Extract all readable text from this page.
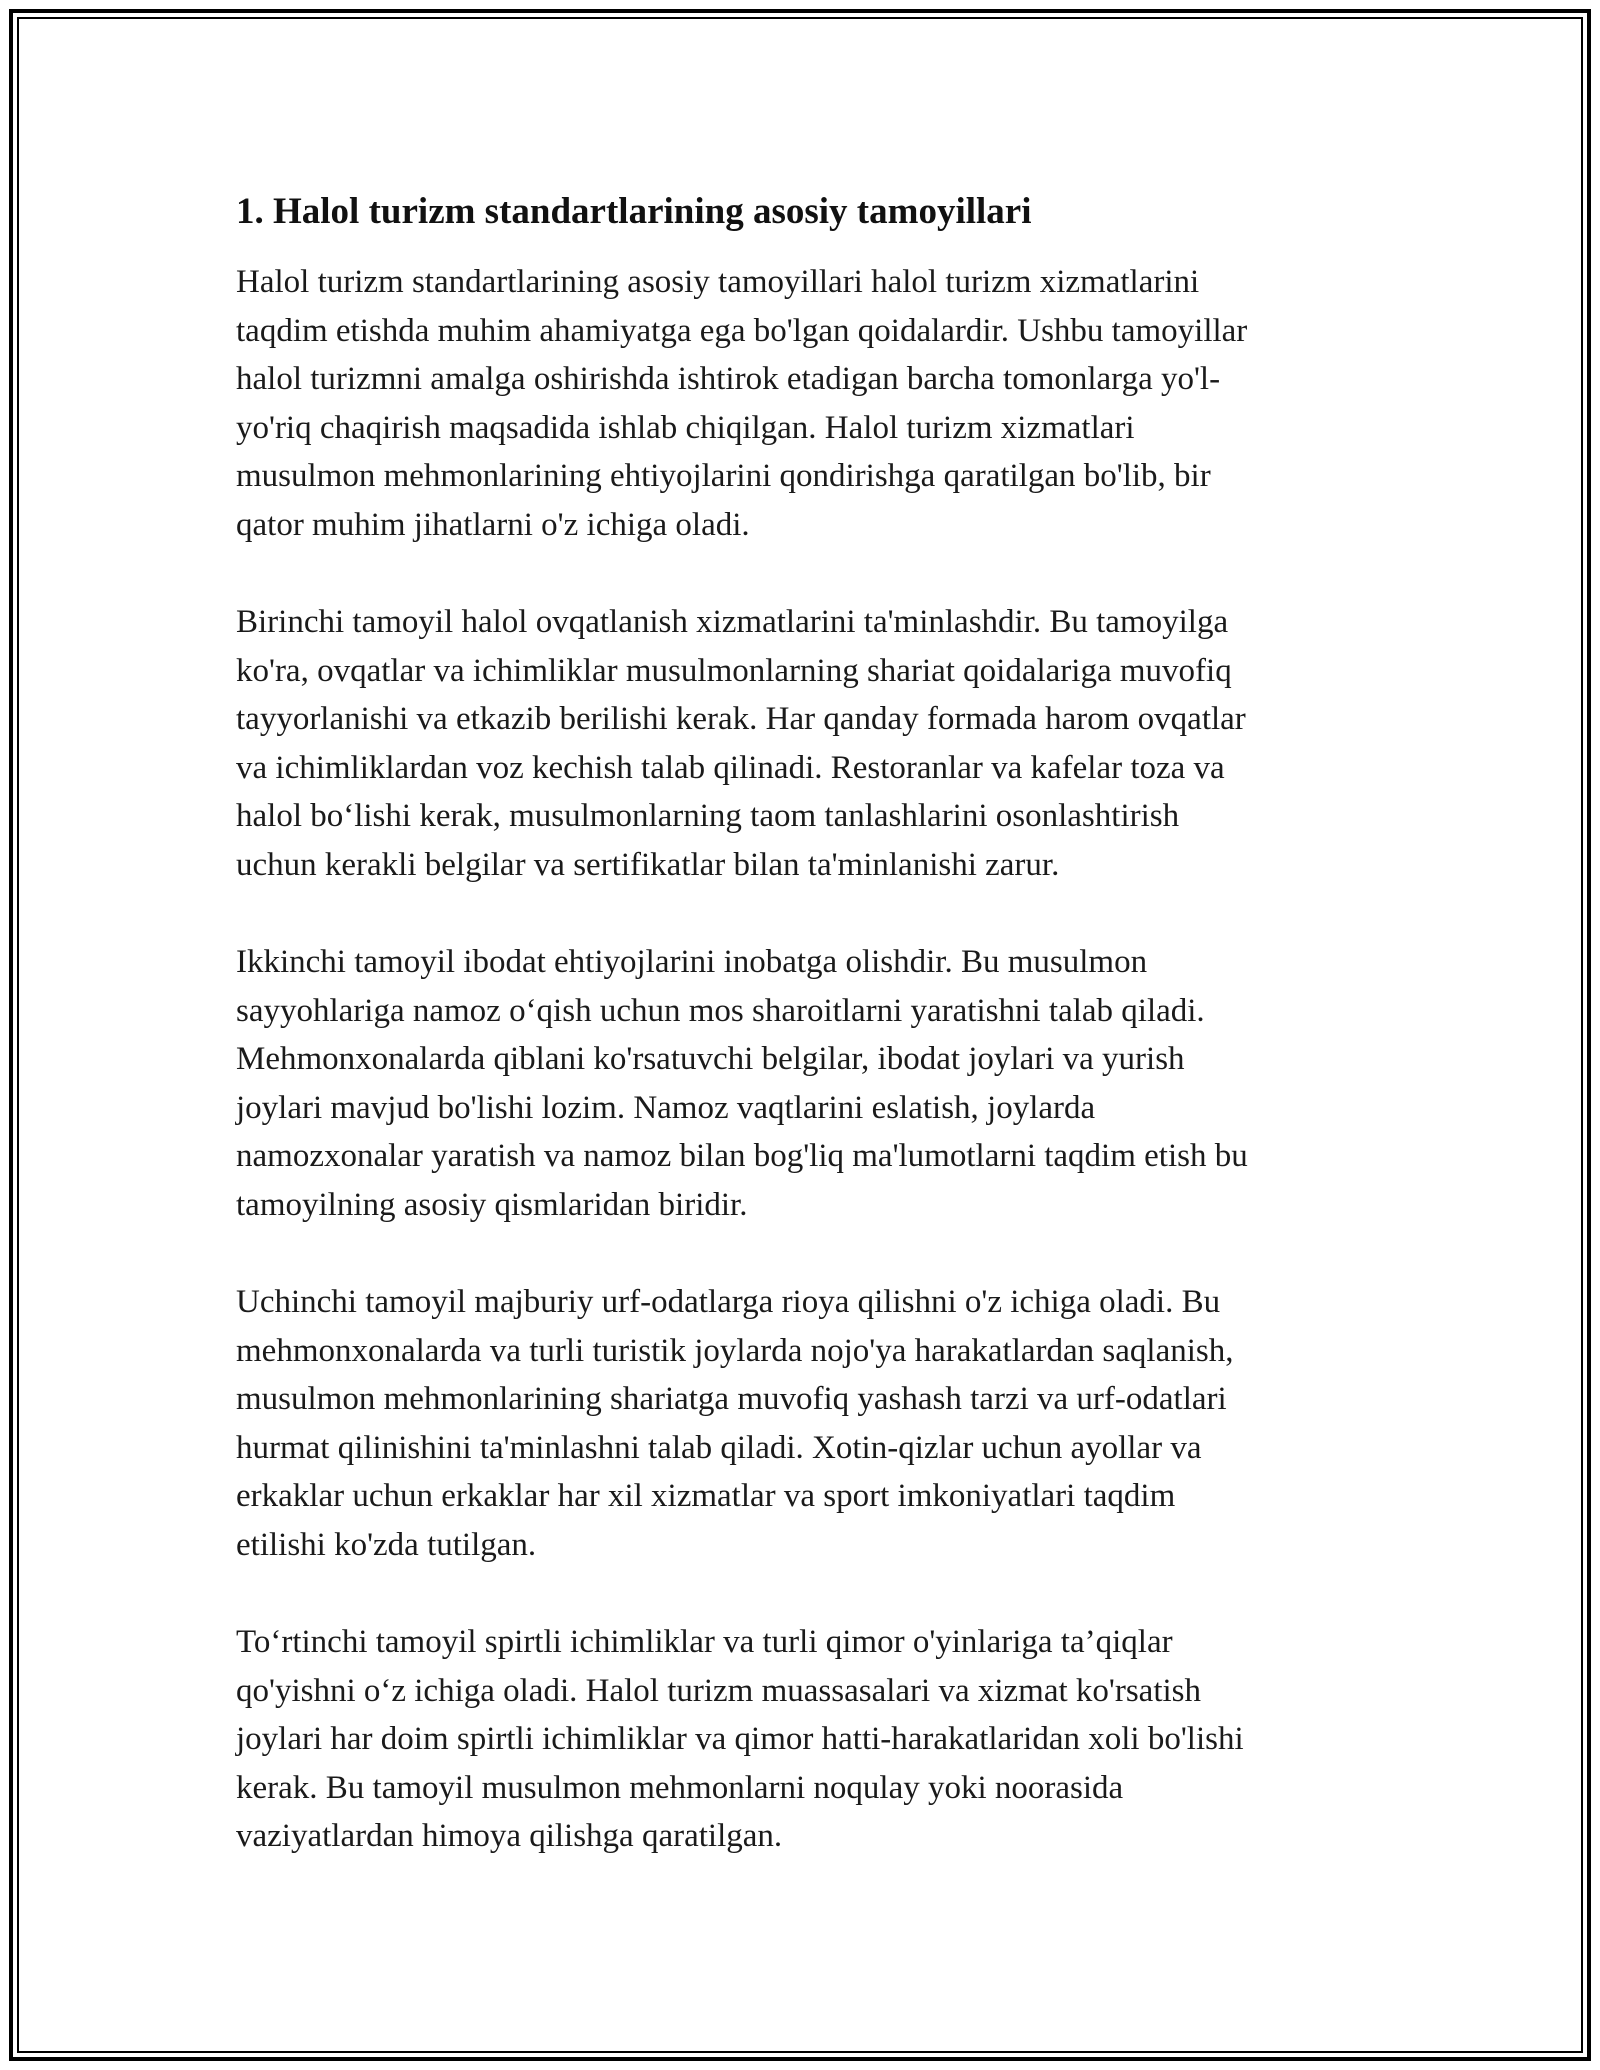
1. Halol turizm standartlarining asosiy tamoyillari
Halol turizm standartlarining asosiy tamoyillari halol turizm xizmatlarini
taqdim etishda muhim ahamiyatga ega bo'lgan qoidalardir. Ushbu tamoyillar
halol turizmni amalga oshirishda ishtirok etadigan barcha tomonlarga yo'l-
yo'riq chaqirish maqsadida ishlab chiqilgan. Halol turizm xizmatlari
musulmon mehmonlarining ehtiyojlarini qondirishga qaratilgan bo'lib, bir
qator muhim jihatlarni o'z ichiga oladi.
Birinchi tamoyil halol ovqatlanish xizmatlarini ta'minlashdir. Bu tamoyilga
ko'ra, ovqatlar va ichimliklar musulmonlarning shariat qoidalariga muvofiq
tayyorlanishi va etkazib berilishi kerak. Har qanday formada harom ovqatlar
va ichimliklardan voz kechish talab qilinadi. Restoranlar va kafelar toza va
halol bo‘lishi kerak, musulmonlarning taom tanlashlarini osonlashtirish
uchun kerakli belgilar va sertifikatlar bilan ta'minlanishi zarur.
Ikkinchi tamoyil ibodat ehtiyojlarini inobatga olishdir. Bu musulmon
sayyohlariga namoz o‘qish uchun mos sharoitlarni yaratishni talab qiladi.
Mehmonxonalarda qiblani ko'rsatuvchi belgilar, ibodat joylari va yurish
joylari mavjud bo'lishi lozim. Namoz vaqtlarini eslatish, joylarda
namozxonalar yaratish va namoz bilan bog'liq ma'lumotlarni taqdim etish bu
tamoyilning asosiy qismlaridan biridir.
Uchinchi tamoyil majburiy urf-odatlarga rioya qilishni o'z ichiga oladi. Bu
mehmonxonalarda va turli turistik joylarda nojo'ya harakatlardan saqlanish,
musulmon mehmonlarining shariatga muvofiq yashash tarzi va urf-odatlari
hurmat qilinishini ta'minlashni talab qiladi. Xotin-qizlar uchun ayollar va
erkaklar uchun erkaklar har xil xizmatlar va sport imkoniyatlari taqdim
etilishi ko'zda tutilgan.
To‘rtinchi tamoyil spirtli ichimliklar va turli qimor o'yinlariga ta’qiqlar
qo'yishni o‘z ichiga oladi. Halol turizm muassasalari va xizmat ko'rsatish
joylari har doim spirtli ichimliklar va qimor hatti-harakatlaridan xoli bo'lishi
kerak. Bu tamoyil musulmon mehmonlarni noqulay yoki noorasida
vaziyatlardan himoya qilishga qaratilgan.
